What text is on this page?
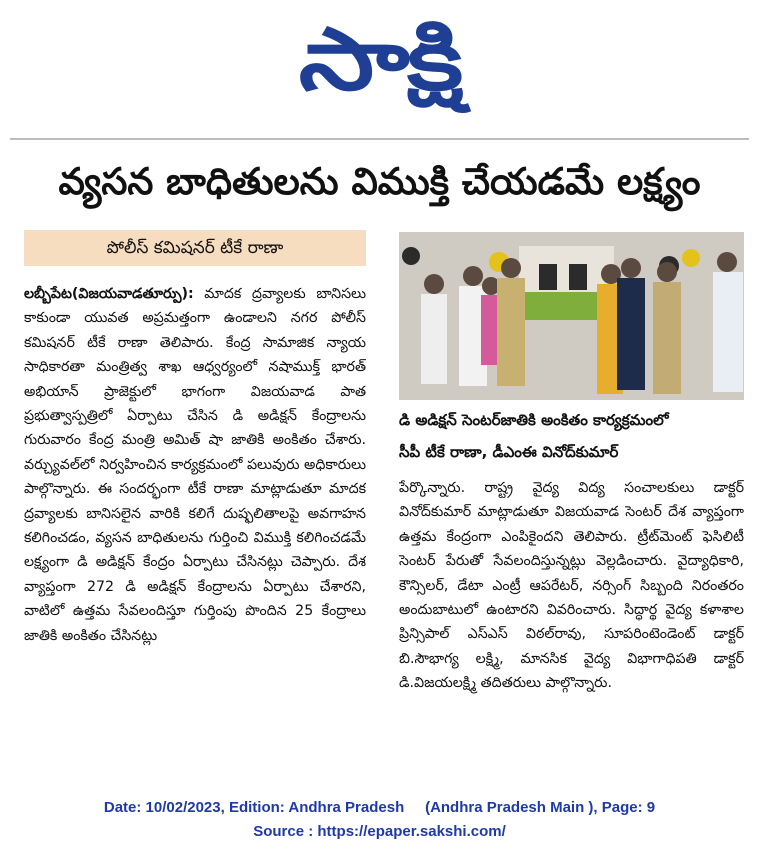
సాక్షి
వ్యసన బాధితులను విముక్తి చేయడమే లక్ష్యం
పోలీస్ కమిషనర్ టీకే రాణా
లబ్బీపేట(విజయవాడతూర్పు): మాదక ద్రవ్యాలకు బానిసలు కాకుండా యువత అప్రమత్తంగా ఉండాలని నగర పోలీస్ కమిషనర్ టీకే రాణా తెలిపారు. కేంద్ర సామాజిక న్యాయ సాధికారతా మంత్రిత్వ శాఖ ఆధ్వర్యంలో నషాముక్త్ భారత్ అభియాన్ ప్రాజెక్టులో భాగంగా విజయవాడ పాత ప్రభుత్వాస్పత్రిలో ఏర్పాటు చేసిన డి అడిక్షన్ కేంద్రాలను గురువారం కేంద్ర మంత్రి అమిత్ షా జాతికి అంకితం చేశారు. వర్చ్యువల్‌లో నిర్వహించిన కార్యక్రమంలో పలువురు అధికారులు పాల్గొన్నారు. ఈ సందర్భంగా టీకే రాణా మాట్లాడుతూ మాదక ద్రవ్యాలకు బానిసలైన వారికి కలిగే దుష్ఫలితాలపై అవగాహన కలిగించడం, వ్యసన బాధితులను గుర్తించి విముక్తి కలిగించడమే లక్ష్యంగా డి అడిక్షన్ కేంద్రం ఏర్పాటు చేసినట్లు చెప్పారు. దేశ వ్యాప్తంగా 272 డి అడిక్షన్ కేంద్రాలను ఏర్పాటు చేశారని, వాటిలో ఉత్తమ సేవలందిస్తూ గుర్తింపు పొందిన 25 కేంద్రాలు జాతికి అంకితం చేసినట్లు
డి అడిక్షన్ సెంటర్‌జాతికి అంకితం కార్యక్రమంలో
సీపీ టీకే రాణా, డీఎంఈ వినోద్‌కుమార్
పేర్కొన్నారు. రాష్ట్ర వైద్య విద్య సంచాలకులు డాక్టర్ వినోద్‌కుమార్ మాట్లాడుతూ విజయవాడ సెంటర్ దేశ వ్యాప్తంగా ఉత్తమ కేంద్రంగా ఎంపికైందని తెలిపారు. ట్రీట్‌మెంట్ ఫెసిలిటీ సెంటర్ పేరుతో సేవలందిస్తున్నట్లు వెల్లడించారు. వైద్యాధికారి, కౌన్సిలర్, డేటా ఎంట్రీ ఆపరేటర్, నర్సింగ్ సిబ్బంది నిరంతరం అందుబాటులో ఉంటారని వివరించారు. సిద్ధార్థ వైద్య కళాశాల ప్రిన్సిపాల్ ఎస్ఎస్ విఠల్‌రావు, సూపరింటెండెంట్ డాక్టర్ బి.సౌభాగ్య లక్ష్మి, మానసిక వైద్య విభాగాధిపతి డాక్టర్ డి.విజయలక్ష్మి తదితరులు పాల్గొన్నారు.
Date: 10/02/2023, Edition: Andhra Pradesh     (Andhra Pradesh Main ), Page: 9
Source : https://epaper.sakshi.com/
